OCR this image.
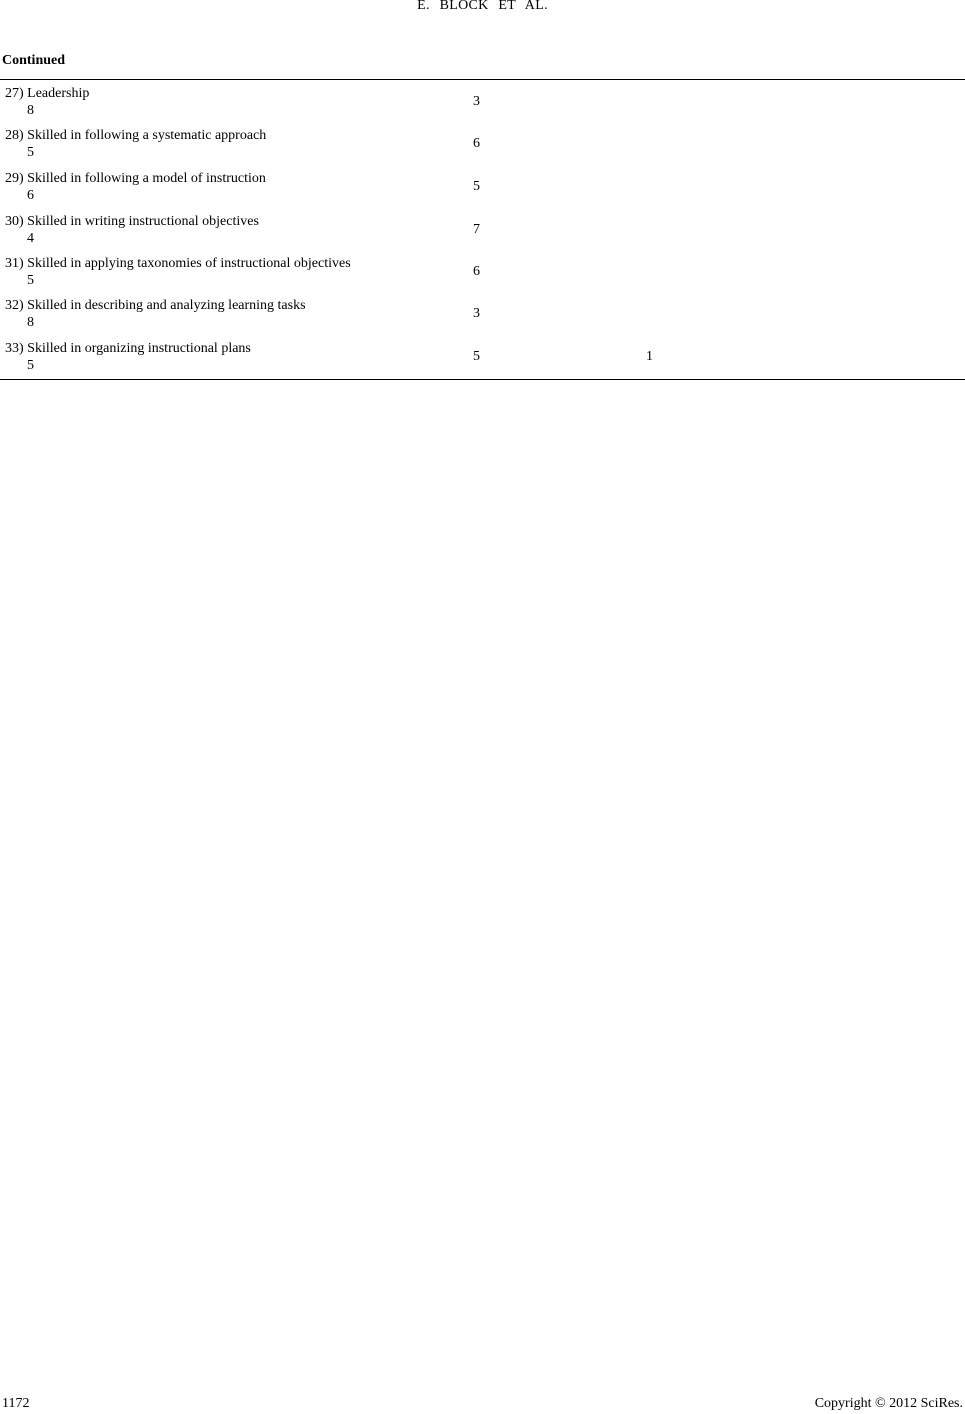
E. BLOCK ET AL.
Continued
27) Leadership
8
3
28) Skilled in following a systematic approach
5
6
29) Skilled in following a model of instruction
6
5
30) Skilled in writing instructional objectives
4
7
31) Skilled in applying taxonomies of instructional objectives
5
6
32) Skilled in describing and analyzing learning tasks
8
3
33) Skilled in organizing instructional plans
5
5	1
1172	Copyright © 2012 SciRes.
